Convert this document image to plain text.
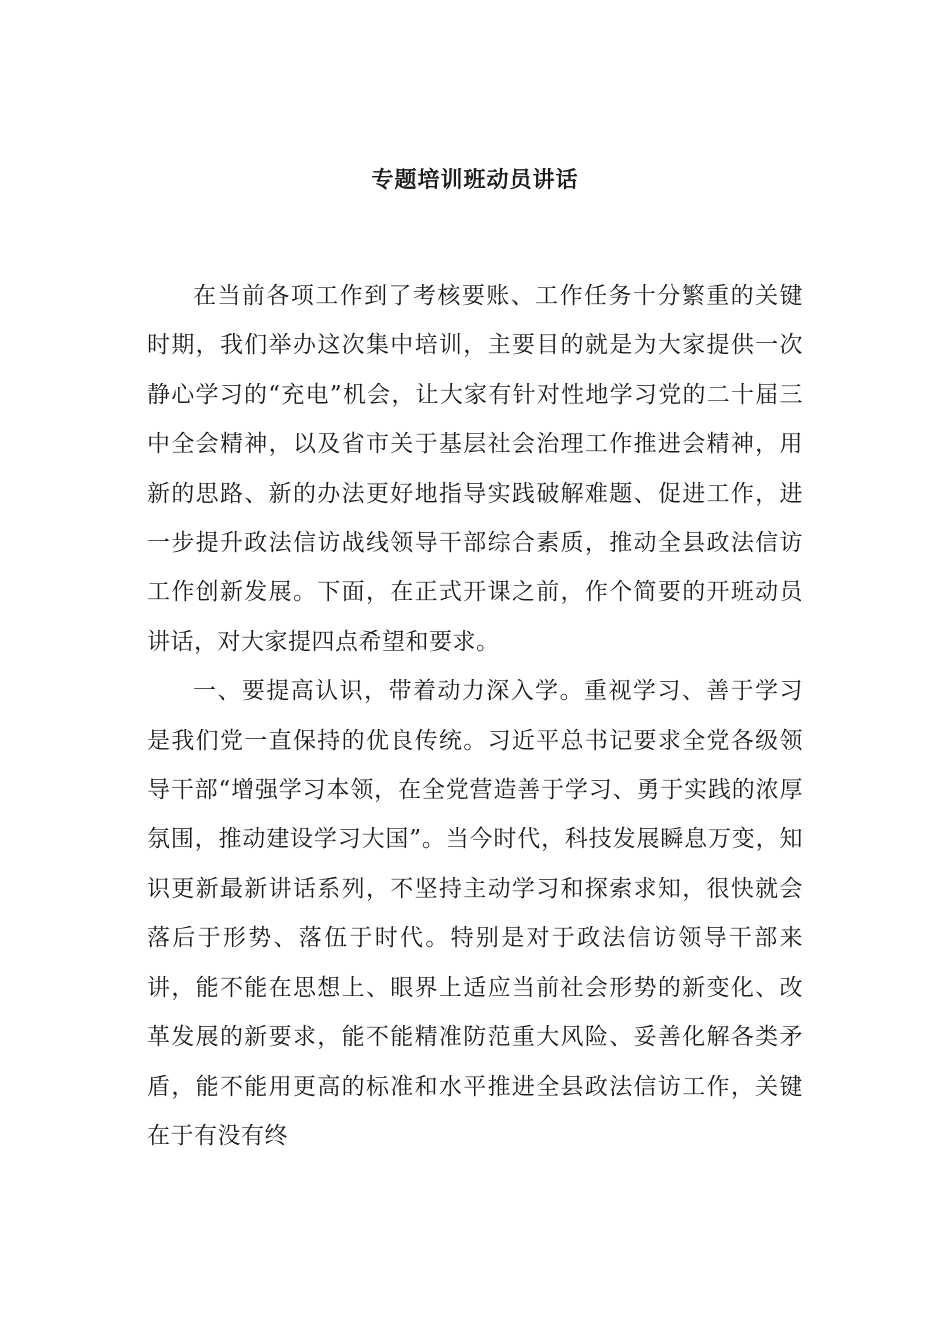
专题培训班动员讲话

在当前各项工作到了考核要账、工作任务十分繁重的关键时期，我们举办这次集中培训，主要目的就是为大家提供一次静心学习的“充电”机会，让大家有针对性地学习党的二十届三中全会精神，以及省市关于基层社会治理工作推进会精神，用新的思路、新的办法更好地指导实践破解难题、促进工作，进一步提升政法信访战线领导干部综合素质，推动全县政法信访工作创新发展。下面，在正式开课之前，作个简要的开班动员讲话，对大家提四点希望和要求。

一、要提高认识，带着动力深入学。重视学习、善于学习是我们党一直保持的优良传统。习近平总书记要求全党各级领导干部“增强学习本领，在全党营造善于学习、勇于实践的浓厚氛围，推动建设学习大国”。当今时代，科技发展瞬息万变，知识更新最新讲话系列，不坚持主动学习和探索求知，很快就会落后于形势、落伍于时代。特别是对于政法信访领导干部来讲，能不能在思想上、眼界上适应当前社会形势的新变化、改革发展的新要求，能不能精准防范重大风险、妥善化解各类矛盾，能不能用更高的标准和水平推进全县政法信访工作，关键在于有没有终
